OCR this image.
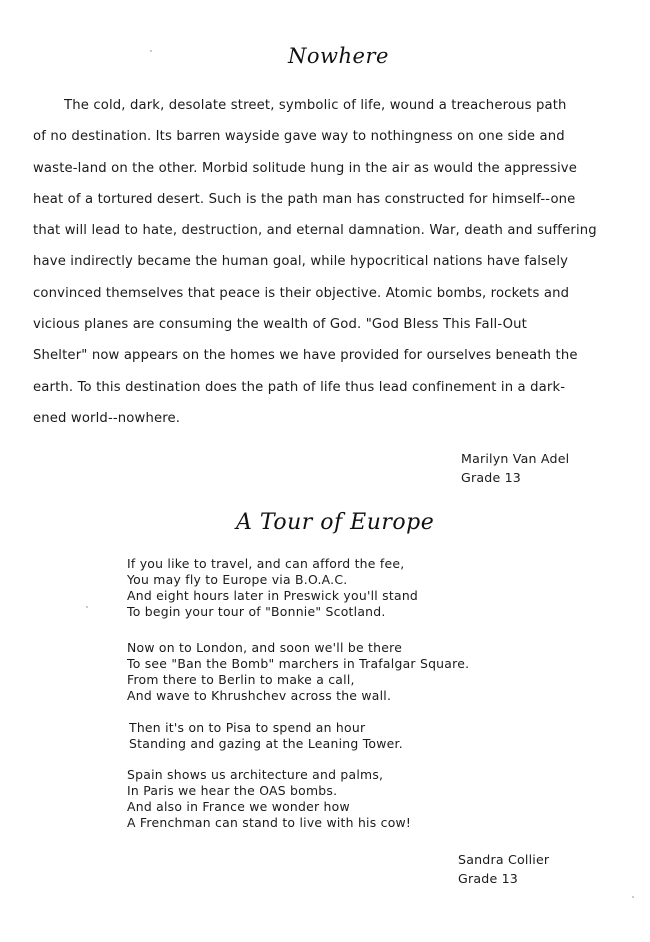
Nowhere
The cold, dark, desolate street, symbolic of life, wound a treacherous path
of no destination. Its barren wayside gave way to nothingness on one side and
waste-land on the other. Morbid solitude hung in the air as would the appressive
heat of a tortured desert. Such is the path man has constructed for himself--one
that will lead to hate, destruction, and eternal damnation. War, death and suffering
have indirectly became the human goal, while hypocritical nations have falsely
convinced themselves that peace is their objective. Atomic bombs, rockets and
vicious planes are consuming the wealth of God. "God Bless This Fall-Out
Shelter" now appears on the homes we have provided for ourselves beneath the
earth. To this destination does the path of life thus lead confinement in a dark-
ened world--nowhere.
Marilyn Van Adel
Grade 13
A Tour of Europe
If you like to travel, and can afford the fee,
You may fly to Europe via B.O.A.C.
And eight hours later in Preswick you'll stand
To begin your tour of "Bonnie" Scotland.
Now on to London, and soon we'll be there
To see "Ban the Bomb" marchers in Trafalgar Square.
From there to Berlin to make a call,
And wave to Khrushchev across the wall.
Then it's on to Pisa to spend an hour
Standing and gazing at the Leaning Tower.
Spain shows us architecture and palms,
In Paris we hear the OAS bombs.
And also in France we wonder how
A Frenchman can stand to live with his cow!
Sandra Collier
Grade 13
